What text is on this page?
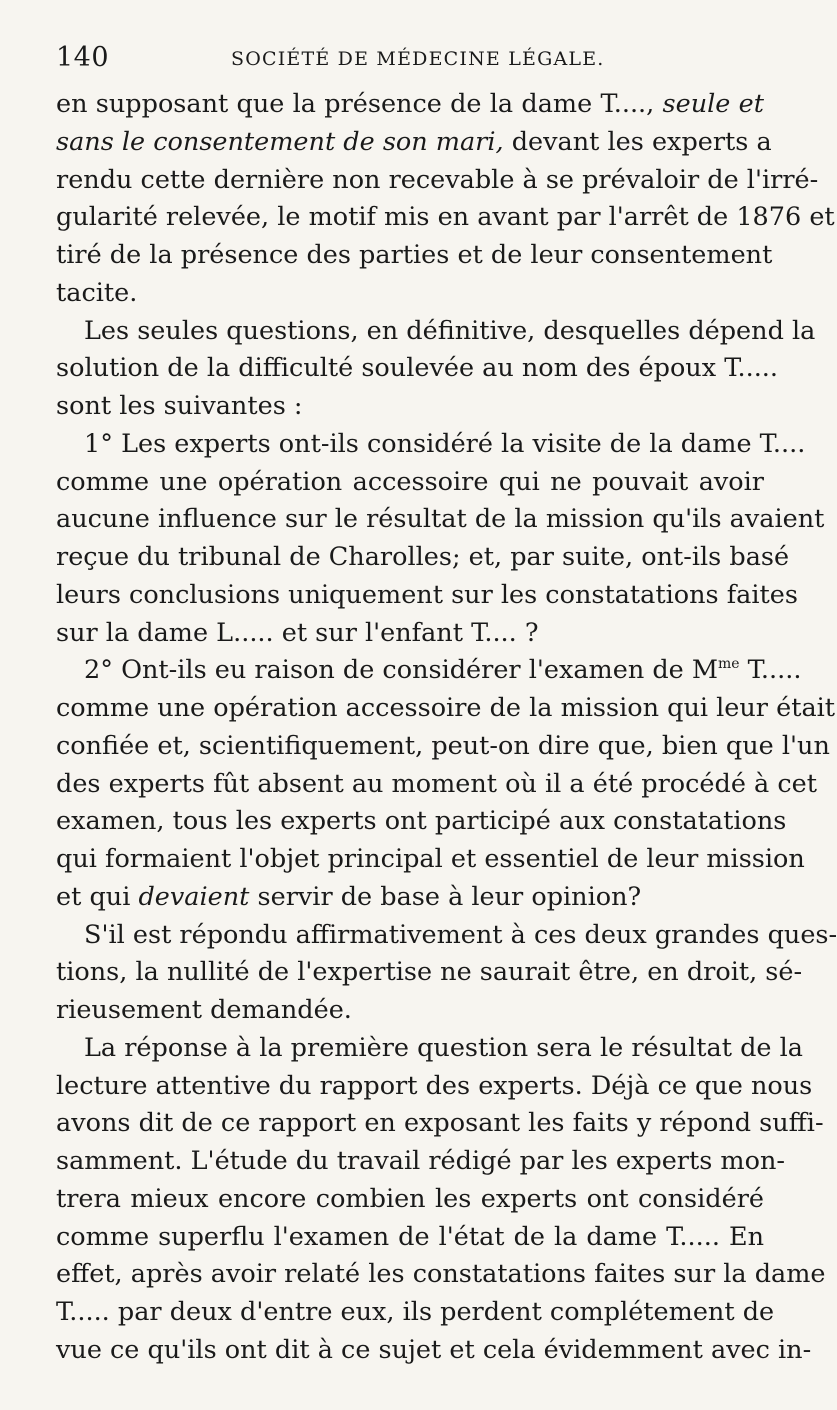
140	SOCIÉTÉ DE MÉDECINE LÉGALE.
en supposant que la présence de la dame T...., seule et
sans le consentement de son mari, devant les experts a
rendu cette dernière non recevable à se prévaloir de l'irré-
gularité relevée, le motif mis en avant par l'arrêt de 1876 et
tiré de la présence des parties et de leur consentement
tacite.
Les seules questions, en définitive, desquelles dépend la
solution de la difficulté soulevée au nom des époux T.....
sont les suivantes :
1° Les experts ont-ils considéré la visite de la dame T....
comme une opération accessoire qui ne pouvait avoir
aucune influence sur le résultat de la mission qu'ils avaient
reçue du tribunal de Charolles; et, par suite, ont-ils basé
leurs conclusions uniquement sur les constatations faites
sur la dame L..... et sur l'enfant T.... ?
2° Ont-ils eu raison de considérer l'examen de $M^{me}$ T.....
comme une opération accessoire de la mission qui leur était
confiée et, scientifiquement, peut-on dire que, bien que l'un
des experts fût absent au moment où il a été procédé à cet
examen, tous les experts ont participé aux constatations
qui formaient l'objet principal et essentiel de leur mission
et qui devaient servir de base à leur opinion?
S'il est répondu affirmativement à ces deux grandes ques-
tions, la nullité de l'expertise ne saurait être, en droit, sé-
rieusement demandée.
La réponse à la première question sera le résultat de la
lecture attentive du rapport des experts. Déjà ce que nous
avons dit de ce rapport en exposant les faits y répond suffi-
samment. L'étude du travail rédigé par les experts mon-
trera mieux encore combien les experts ont considéré
comme superflu l'examen de l'état de la dame T..... En
effet, après avoir relaté les constatations faites sur la dame
T..... par deux d'entre eux, ils perdent complétement de
vue ce qu'ils ont dit à ce sujet et cela évidemment avec in-
